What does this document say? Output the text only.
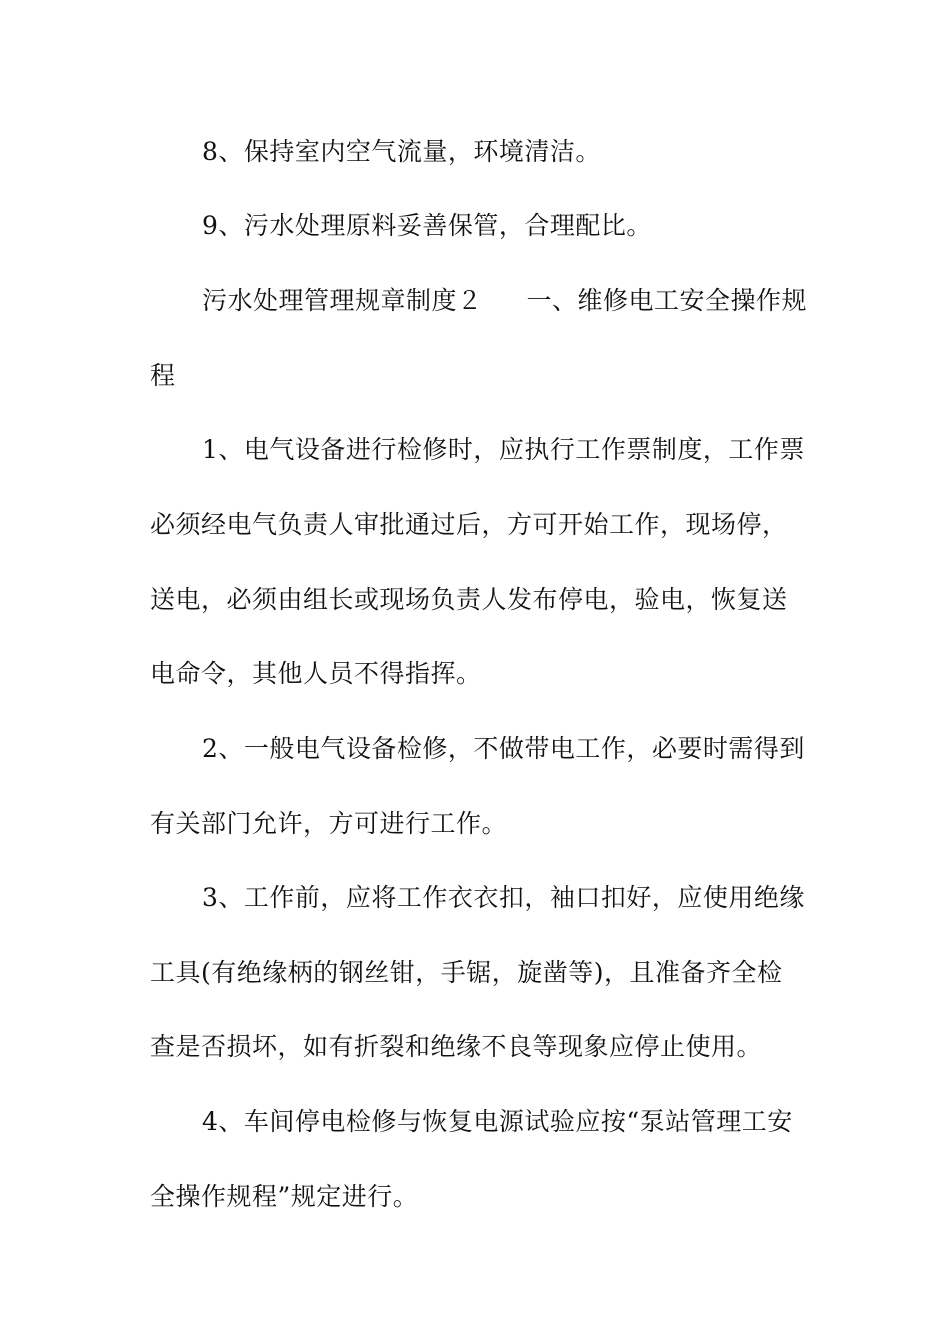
8、保持室内空气流量，环境清洁。
9、污水处理原料妥善保管，合理配比。
污水处理管理规章制度２ 一、维修电工安全操作规
程
1、电气设备进行检修时，应执行工作票制度，工作票
必须经电气负责人审批通过后，方可开始工作，现场停，
送电，必须由组长或现场负责人发布停电，验电，恢复送
电命令，其他人员不得指挥。
2、一般电气设备检修，不做带电工作，必要时需得到
有关部门允许，方可进行工作。
3、工作前，应将工作衣衣扣，袖口扣好，应使用绝缘
工具(有绝缘柄的钢丝钳，手锯，旋凿等)，且准备齐全检
查是否损坏，如有折裂和绝缘不良等现象应停止使用。
4、车间停电检修与恢复电源试验应按“泵站管理工安
全操作规程”规定进行。
